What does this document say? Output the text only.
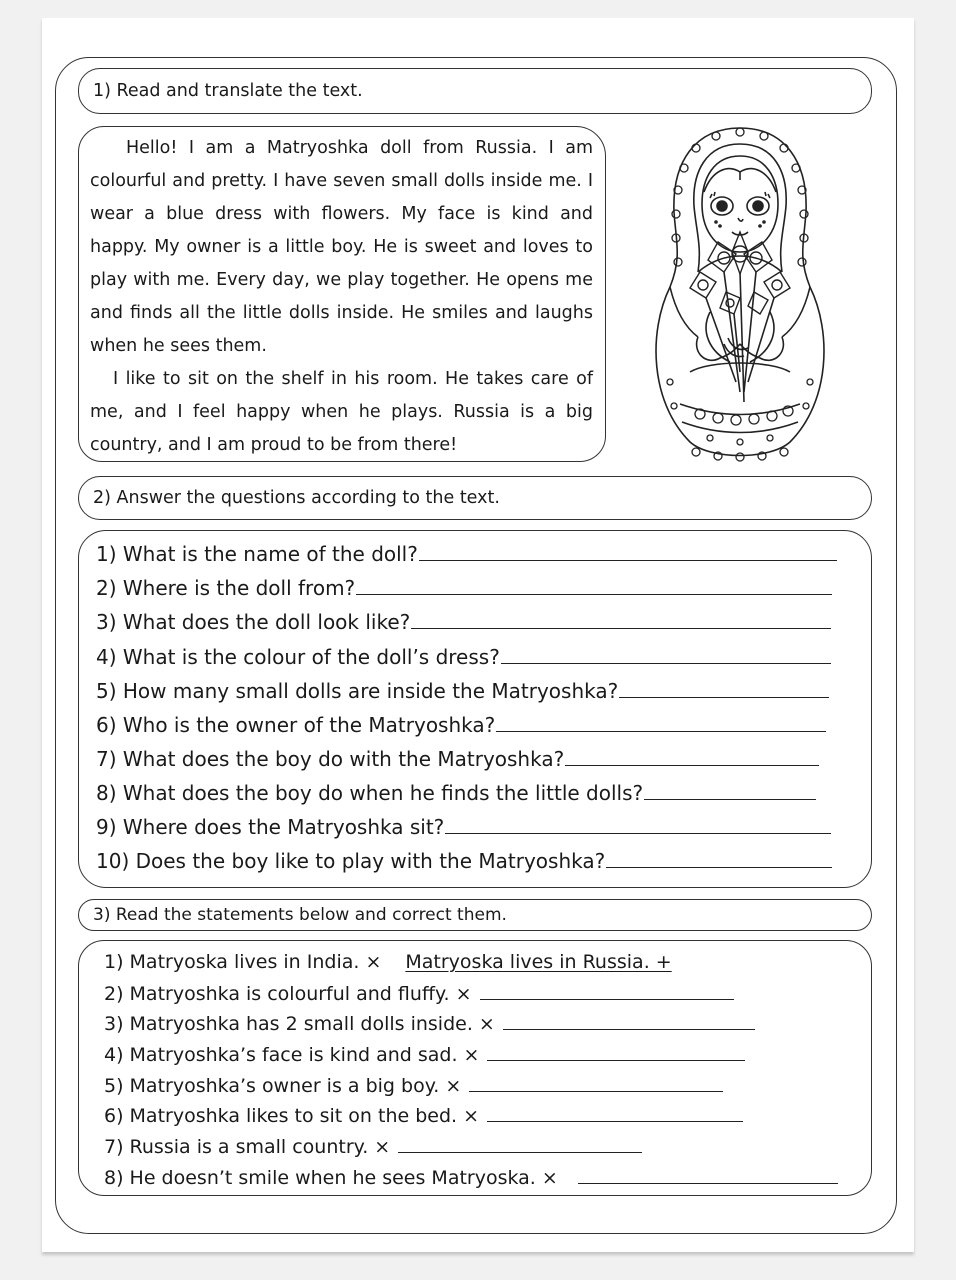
1) Read and translate the text.
Hello! I am a Matryoshka doll from Russia. I am
colourful and pretty. I have seven small dolls inside me. I
wear a blue dress with flowers. My face is kind and
happy. My owner is a little boy. He is sweet and loves to
play with me. Every day, we play together. He opens me
and finds all the little dolls inside. He smiles and laughs
when he sees them.
I like to sit on the shelf in his room. He takes care of
me, and I feel happy when he plays. Russia is a big
country, and I am proud to be from there!
2) Answer the questions according to the text.
1) What is the name of the doll?
2) Where is the doll from?
3) What does the doll look like?
4) What is the colour of the doll’s dress?
5) How many small dolls are inside the Matryoshka?
6) Who is the owner of the Matryoshka?
7) What does the boy do with the Matryoshka?
8) What does the boy do when he finds the little dolls?
9) Where does the Matryoshka sit?
10) Does the boy like to play with the Matryoshka?
3) Read the statements below and correct them.
1) Matryoska lives in India. × Matryoska lives in Russia. +
2) Matryoshka is colourful and fluffy. ×
3) Matryoshka has 2 small dolls inside. ×
4) Matryoshka’s face is kind and sad. ×
5) Matryoshka’s owner is a big boy. ×
6) Matryoshka likes to sit on the bed. ×
7) Russia is a small country. ×
8) He doesn’t smile when he sees Matryoska. ×
